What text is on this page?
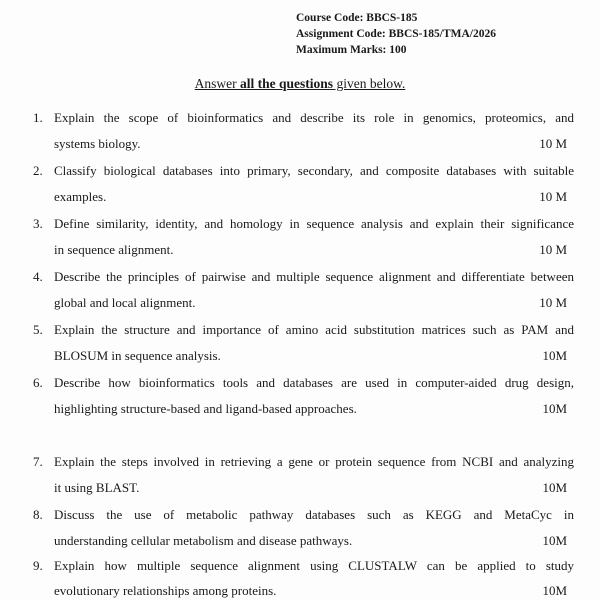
Course Code: BBCS-185
Assignment Code: BBCS-185/TMA/2026
Maximum Marks: 100
Answer all the questions given below.
1. Explain the scope of bioinformatics and describe its role in genomics, proteomics, and
systems biology.	10 M
2. Classify biological databases into primary, secondary, and composite databases with suitable
examples.	10 M
3. Define similarity, identity, and homology in sequence analysis and explain their significance
in sequence alignment.	10 M
4. Describe the principles of pairwise and multiple sequence alignment and differentiate between
global and local alignment.	10 M
5. Explain the structure and importance of amino acid substitution matrices such as PAM and
BLOSUM in sequence analysis.	10M
6. Describe how bioinformatics tools and databases are used in computer-aided drug design,
highlighting structure-based and ligand-based approaches.	10M
7. Explain the steps involved in retrieving a gene or protein sequence from NCBI and analyzing
it using BLAST.	10M
8. Discuss the use of metabolic pathway databases such as KEGG and MetaCyc in
understanding cellular metabolism and disease pathways.	10M
9. Explain how multiple sequence alignment using CLUSTALW can be applied to study
evolutionary relationships among proteins.	10M
